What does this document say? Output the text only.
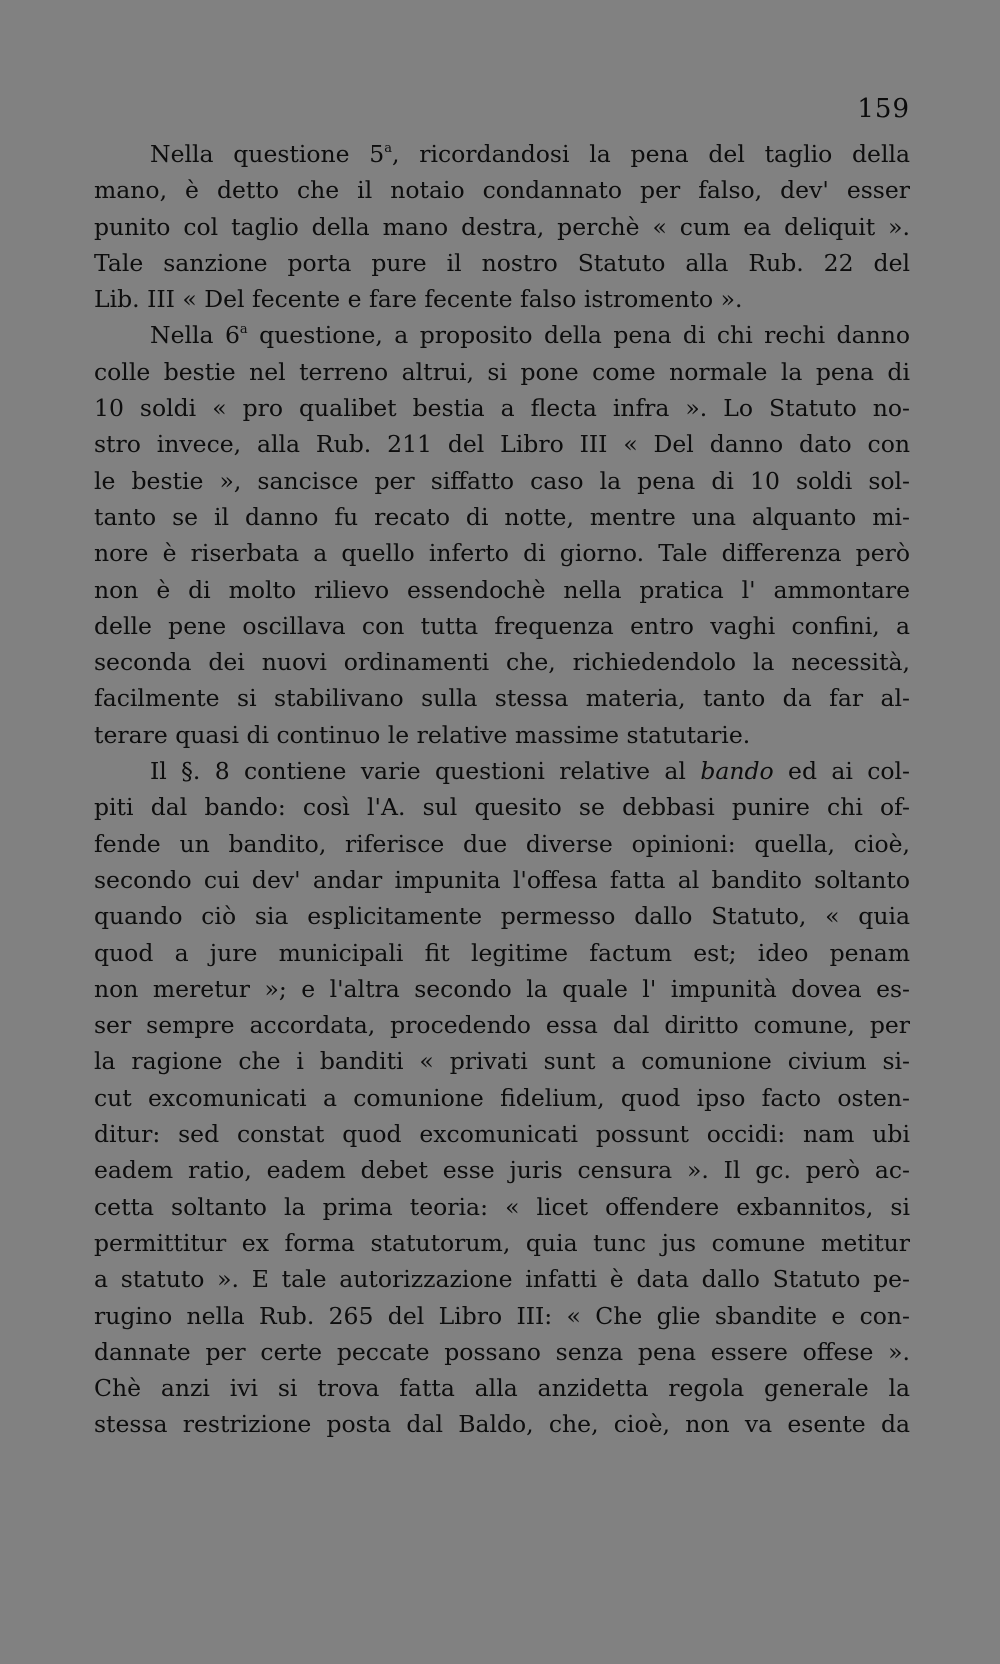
159
Nella questione 5$^a$, ricordandosi la pena del taglio della
mano, è detto che il notaio condannato per falso, dev' esser
punito col taglio della mano destra, perchè « cum ea deliquit ».
Tale sanzione porta pure il nostro Statuto alla Rub. 22 del
Lib. III « Del fecente e fare fecente falso istromento ».
Nella 6$^a$ questione, a proposito della pena di chi rechi danno
colle bestie nel terreno altrui, si pone come normale la pena di
10 soldi « pro qualibet bestia a flecta infra ». Lo Statuto no-
stro invece, alla Rub. 211 del Libro III « Del danno dato con
le bestie », sancisce per siffatto caso la pena di 10 soldi sol-
tanto se il danno fu recato di notte, mentre una alquanto mi-
nore è riserbata a quello inferto di giorno. Tale differenza però
non è di molto rilievo essendochè nella pratica l' ammontare
delle pene oscillava con tutta frequenza entro vaghi confini, a
seconda dei nuovi ordinamenti che, richiedendolo la necessità,
facilmente si stabilivano sulla stessa materia, tanto da far al-
terare quasi di continuo le relative massime statutarie.
Il §. 8 contiene varie questioni relative al bando ed ai col-
piti dal bando: così l'A. sul quesito se debbasi punire chi of-
fende un bandito, riferisce due diverse opinioni: quella, cioè,
secondo cui dev' andar impunita l'offesa fatta al bandito soltanto
quando ciò sia esplicitamente permesso dallo Statuto, « quia
quod a jure municipali fit legitime factum est; ideo penam
non meretur »; e l'altra secondo la quale l' impunità dovea es-
ser sempre accordata, procedendo essa dal diritto comune, per
la ragione che i banditi « privati sunt a comunione civium si-
cut excomunicati a comunione fidelium, quod ipso facto osten-
ditur: sed constat quod excomunicati possunt occidi: nam ubi
eadem ratio, eadem debet esse juris censura ». Il gc. però ac-
cetta soltanto la prima teoria: « licet offendere exbannitos, si
permittitur ex forma statutorum, quia tunc jus comune metitur
a statuto ». E tale autorizzazione infatti è data dallo Statuto pe-
rugino nella Rub. 265 del Libro III: « Che glie sbandite e con-
dannate per certe peccate possano senza pena essere offese ».
Chè anzi ivi si trova fatta alla anzidetta regola generale la
stessa restrizione posta dal Baldo, che, cioè, non va esente da
